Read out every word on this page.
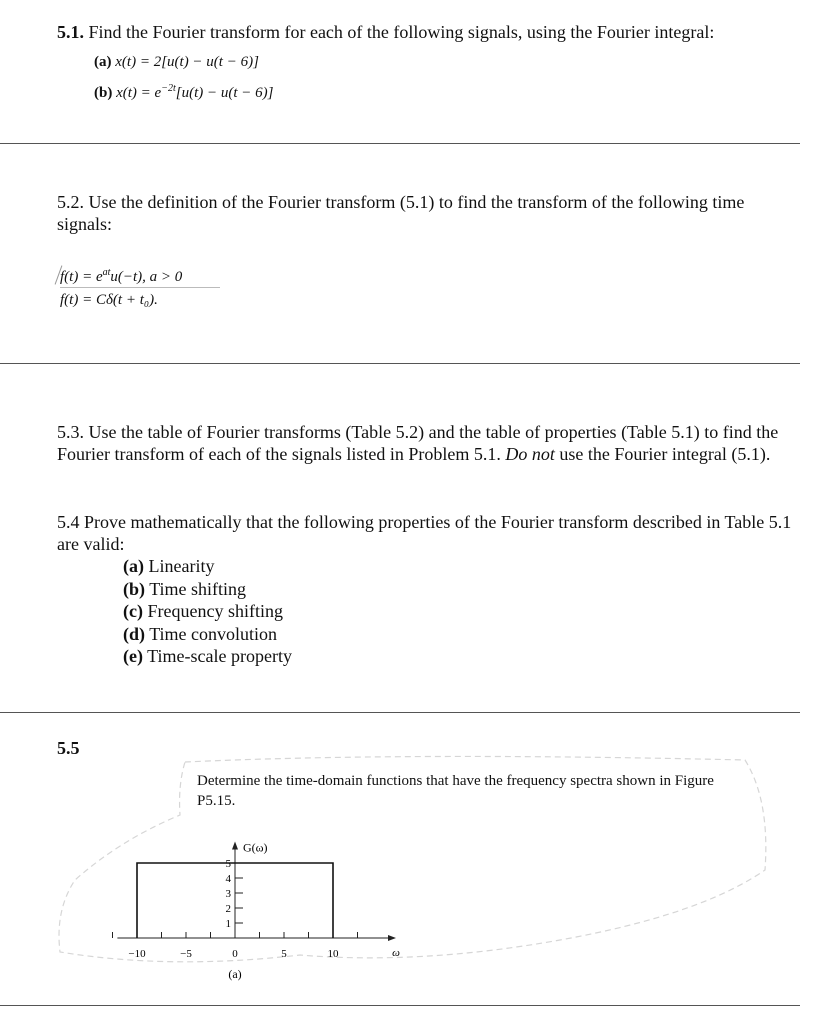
5.1. Find the Fourier transform for each of the following signals, using the Fourier integral:
(a) x(t) = 2[u(t) − u(t − 6)]
(b) $x(t) = e^{-2t}[u(t) - u(t - 6)]$
5.2. Use the definition of the Fourier transform (5.1) to find the transform of the following time signals:
$f(t) = e^{at}u(-t)$, a > 0
f(t) = Cδ(t + t₀).
5.3. Use the table of Fourier transforms (Table 5.2) and the table of properties (Table 5.1) to find the Fourier transform of each of the signals listed in Problem 5.1. Do not use the Fourier integral (5.1).
5.4 Prove mathematically that the following properties of the Fourier transform described in Table 5.1 are valid:
(a) Linearity
(b) Time shifting
(c) Frequency shifting
(d) Time convolution
(e) Time-scale property
5.5
Determine the time-domain functions that have the frequency spectra shown in Figure P5.15.
ω
−10	−5	0	5	10
G(ω)
1
2
3
4
5
(a)
